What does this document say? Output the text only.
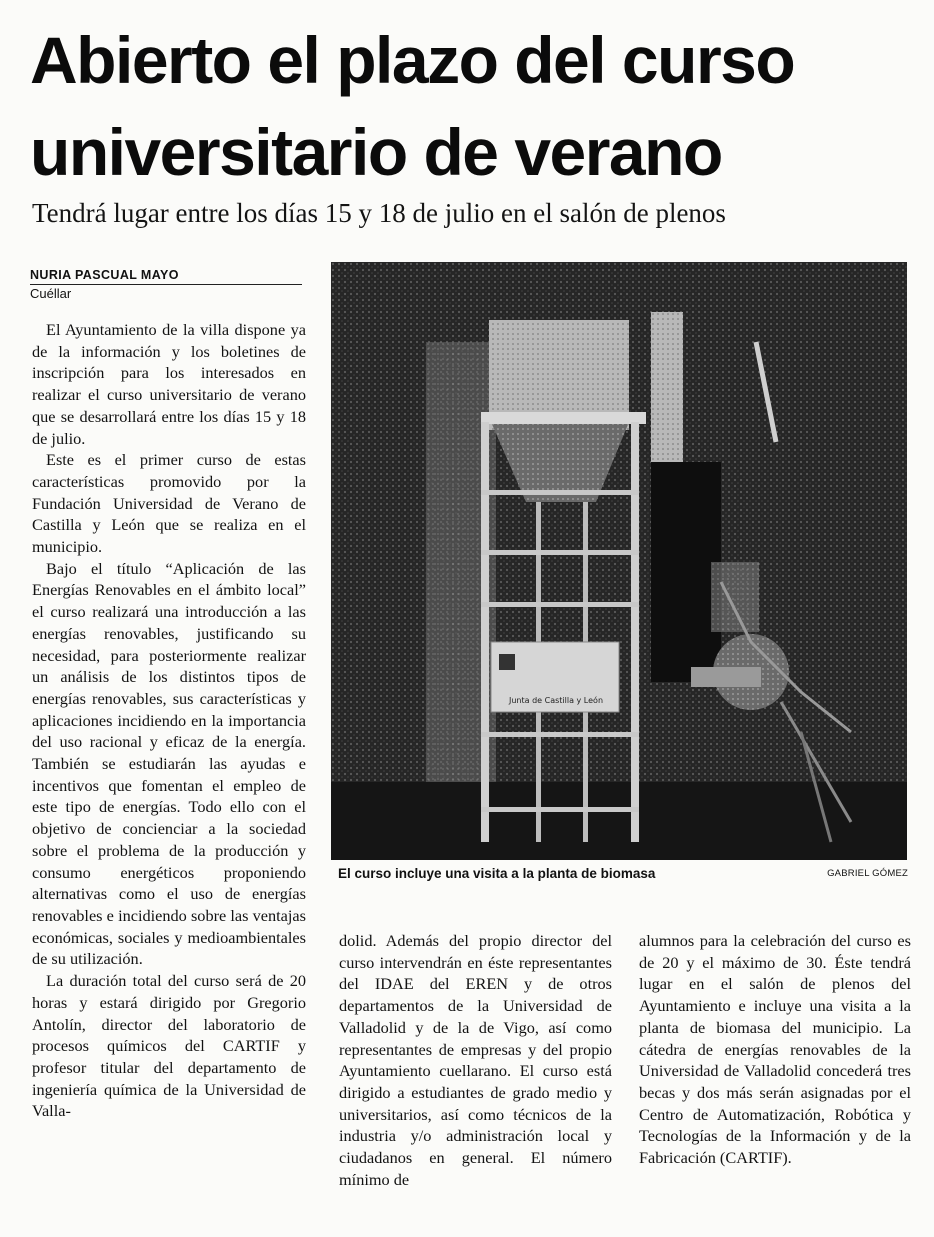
Abierto el plazo del curso
universitario de verano
Tendrá lugar entre los días 15 y 18 de julio en el salón de plenos
NURIA PASCUAL MAYO
Cuéllar

El Ayuntamiento de la villa dispone ya de la información y los boletines de inscripción para los interesados en realizar el curso universitario de verano que se desarrollará entre los días 15 y 18 de julio.

Este es el primer curso de estas características promovido por la Fundación Universidad de Verano de Castilla y León que se realiza en el municipio.

Bajo el título “Aplicación de las Energías Renovables en el ámbito local” el curso realizará una introducción a las energías renovables, justificando su necesidad, para posteriormente realizar un análisis de los distintos tipos de energías renovables, sus características y aplicaciones incidiendo en la importancia del uso racional y eficaz de la energía. También se estudiarán las ayudas e incentivos que fomentan el empleo de este tipo de energías. Todo ello con el objetivo de concienciar a la sociedad sobre el problema de la producción y consumo energéticos proponiendo alternativas como el uso de energías renovables e incidiendo sobre las ventajas económicas, sociales y medioambientales de su utilización.

La duración total del curso será de 20 horas y estará dirigido por Gregorio Antolín, director del laboratorio de procesos químicos del CARTIF y profesor titular del departamento de ingeniería química de la Universidad de Valla-

dolid. Además del propio director del curso intervendrán en éste representantes del IDAE del EREN y de otros departamentos de la Universidad de Valladolid y de la de Vigo, así como representantes de empresas y del propio Ayuntamiento cuellarano. El curso está dirigido a estudiantes de grado medio y universitarios, así como técnicos de la industria y/o administración local y ciudadanos en general. El número mínimo de

alumnos para la celebración del curso es de 20 y el máximo de 30. Éste tendrá lugar en el salón de plenos del Ayuntamiento e incluye una visita a la planta de biomasa del municipio. La cátedra de energías renovables de la Universidad de Valladolid concederá tres becas y dos más serán asignadas por el Centro de Automatización, Robótica y Tecnologías de la Información y de la Fabricación (CARTIF).

Junta de Castilla y León
El curso incluye una visita a la planta de biomasa	GABRIEL GÓMEZ
